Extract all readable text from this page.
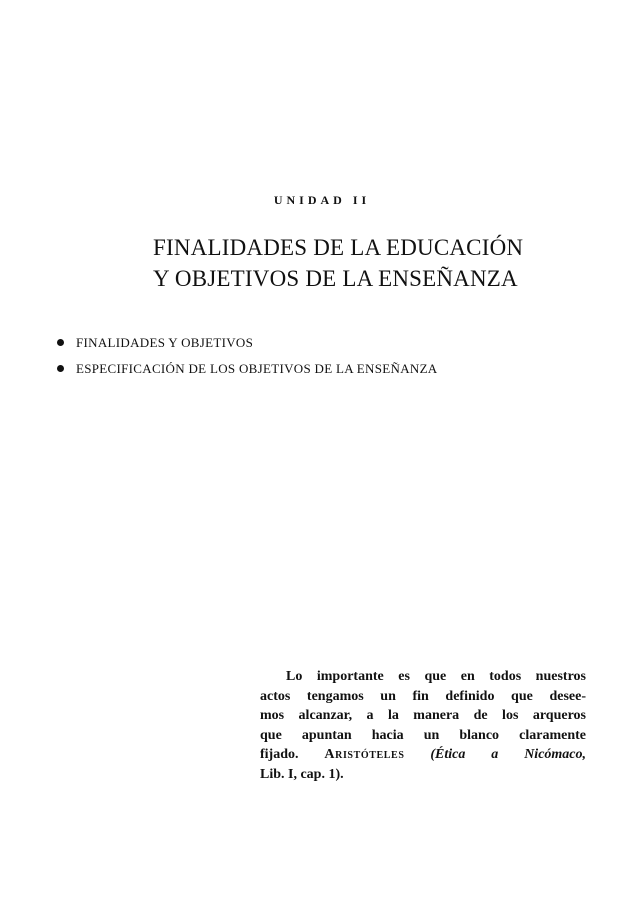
UNIDAD II
FINALIDADES DE LA EDUCACIÓN
Y OBJETIVOS DE LA ENSEÑANZA
FINALIDADES Y OBJETIVOS
ESPECIFICACIÓN DE LOS OBJETIVOS DE LA ENSEÑANZA
Lo importante es que en todos nuestros
actos tengamos un fin definido que desee-
mos alcanzar, a la manera de los arqueros
que apuntan hacia un blanco claramente
fijado. Aristóteles (Ética a Nicómaco,
Lib. I, cap. 1).
